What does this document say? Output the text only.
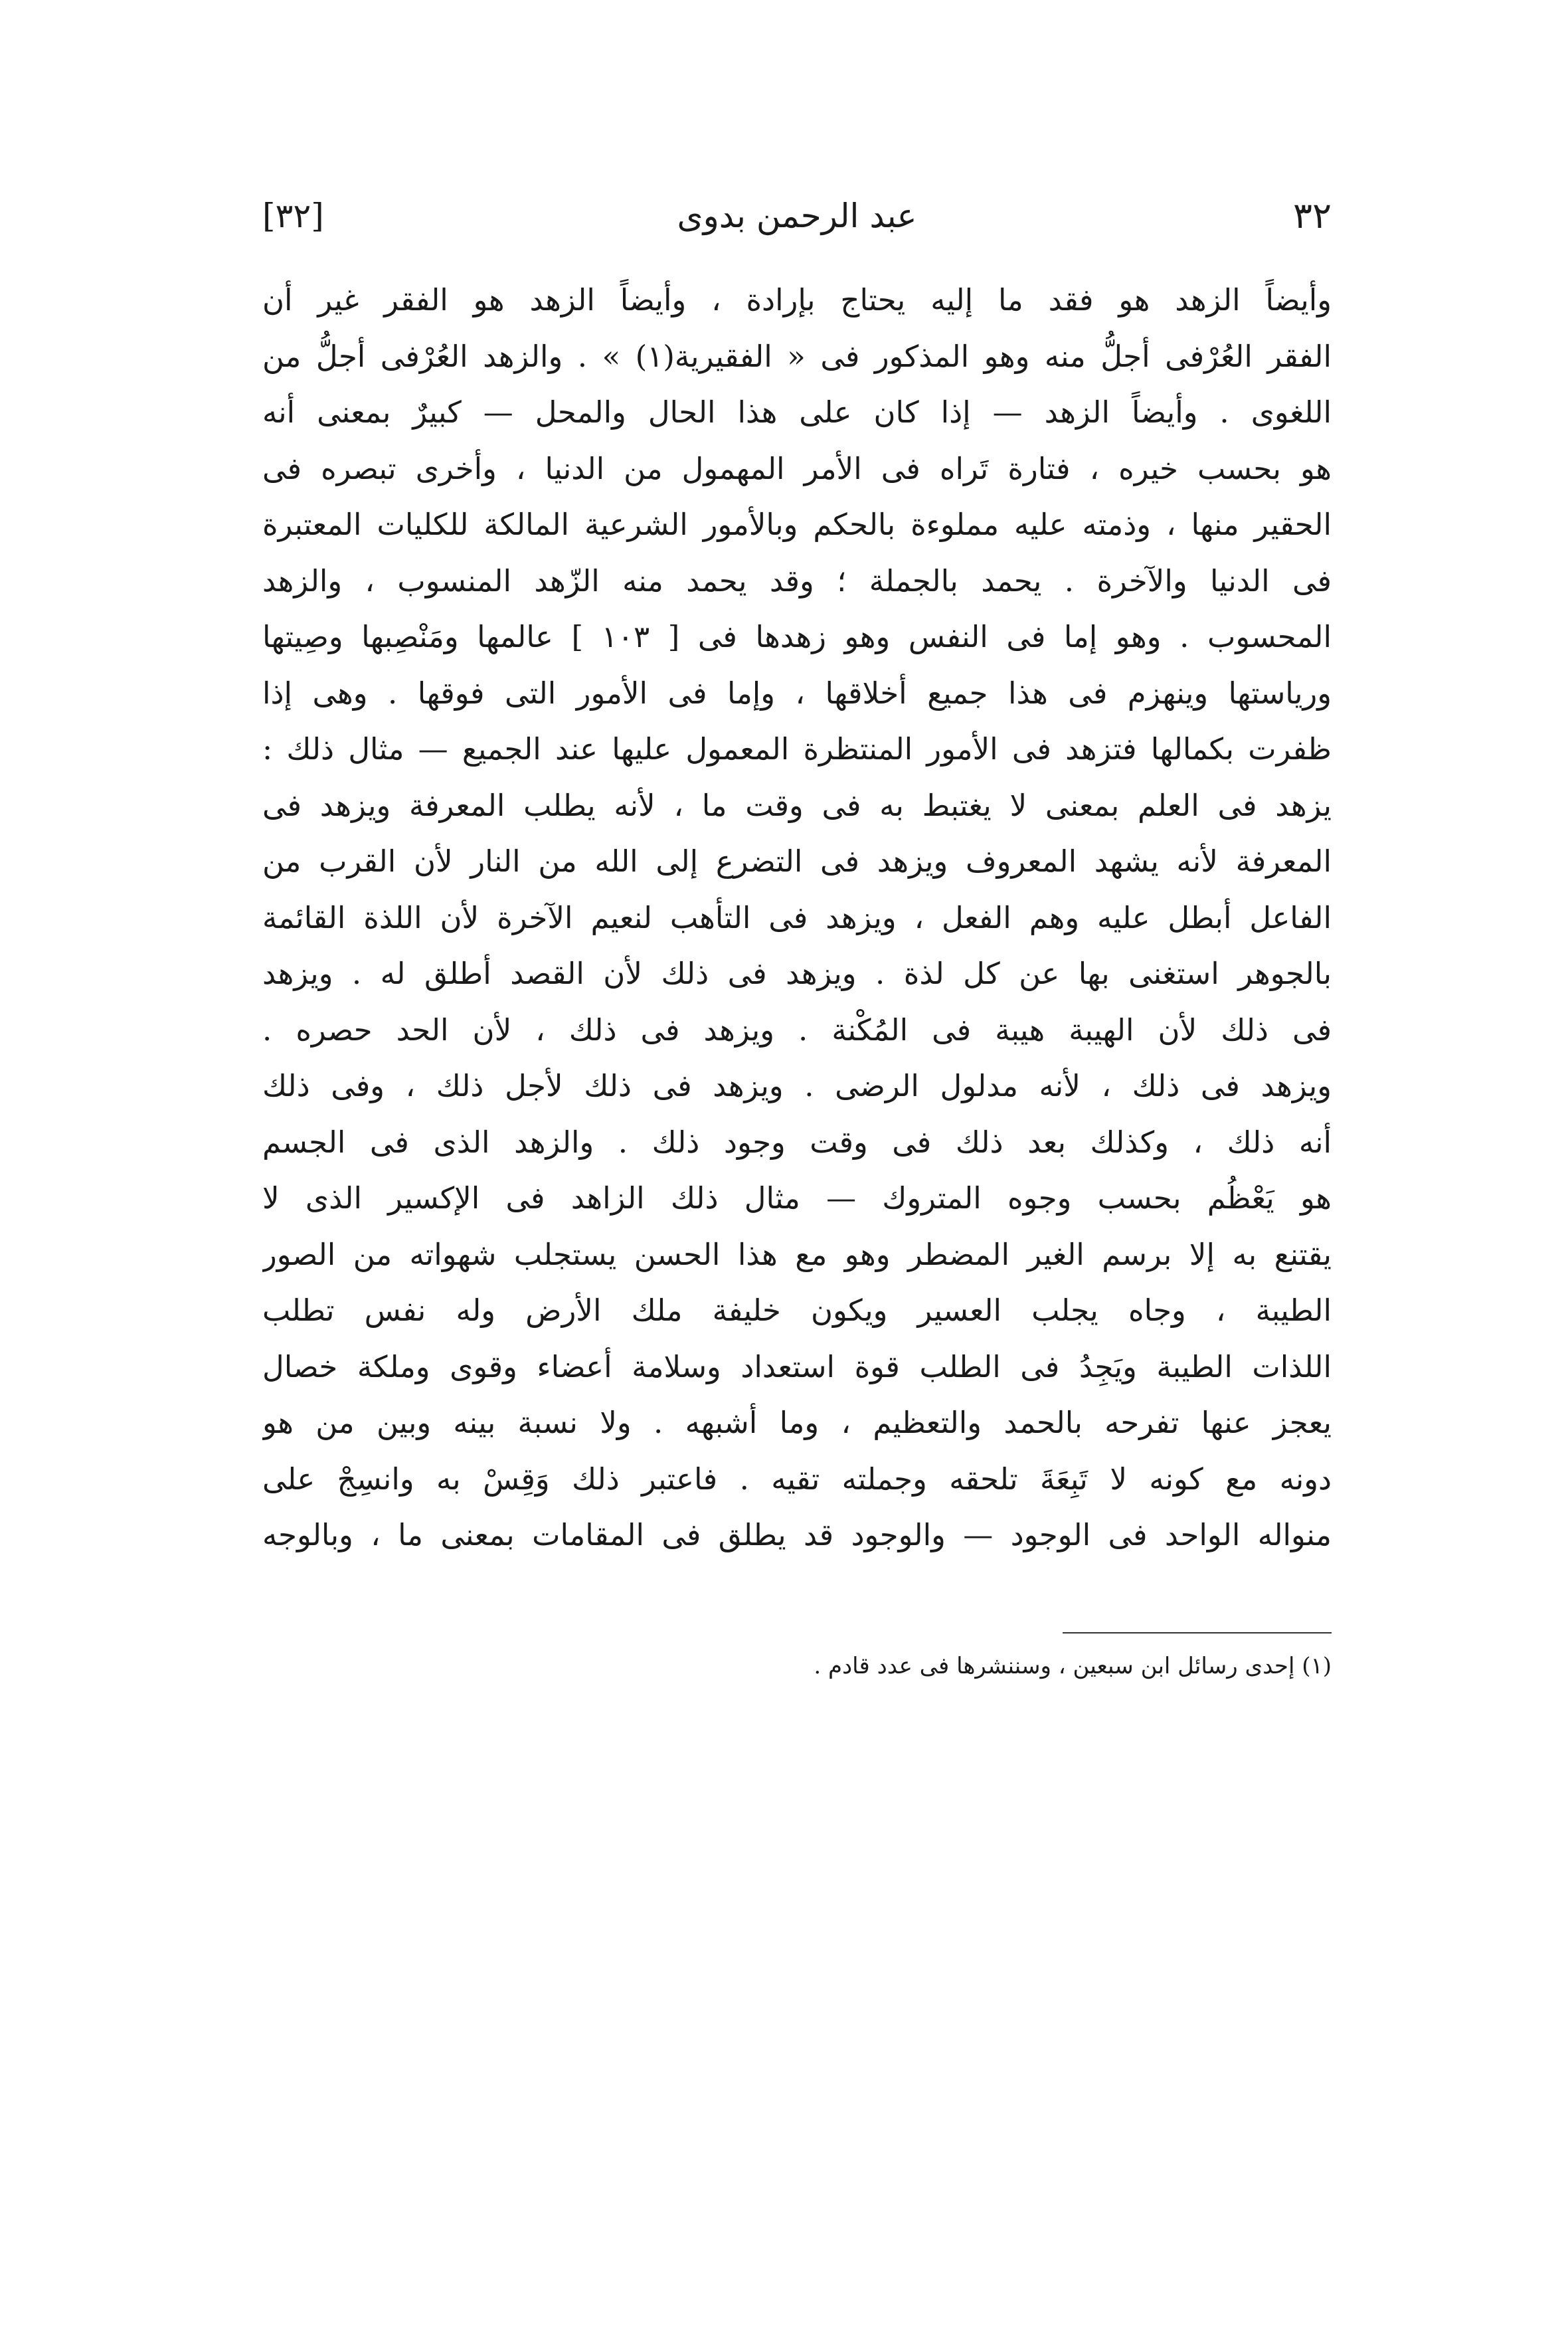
[٣٢]	عبد الرحمن بدوى	٣٢
وأيضاً الزهد هو فقد ما إليه يحتاج بإرادة ، وأيضاً الزهد هو الفقر غير أن
الفقر العُرْفى أجلُّ منه وهو المذكور فى « الفقيرية(١) » . والزهد العُرْفى أجلُّ من
اللغوى . وأيضاً الزهد — إذا كان على هذا الحال والمحل — كبيرٌ بمعنى أنه
هو بحسب خيره ، فتارة تَراه فى الأمر المهمول من الدنيا ، وأخرى تبصره فى
الحقير منها ، وذمته عليه مملوءة بالحكم وبالأمور الشرعية المالكة للكليات المعتبرة
فى الدنيا والآخرة . يحمد بالجملة ؛ وقد يحمد منه الزّهد المنسوب ، والزهد
المحسوب . وهو إما فى النفس وهو زهدها فى [ ١٠٣ ] عالمها ومَنْصِبها وصِيتها
ورياستها وينهزم فى هذا جميع أخلاقها ، وإما فى الأمور التى فوقها . وهى إذا
ظفرت بكمالها فتزهد فى الأمور المنتظرة المعمول عليها عند الجميع — مثال ذلك :
يزهد فى العلم بمعنى لا يغتبط به فى وقت ما ، لأنه يطلب المعرفة ويزهد فى
المعرفة لأنه يشهد المعروف ويزهد فى التضرع إلى الله من النار لأن القرب من
الفاعل أبطل عليه وهم الفعل ، ويزهد فى التأهب لنعيم الآخرة لأن اللذة القائمة
بالجوهر استغنى بها عن كل لذة . ويزهد فى ذلك لأن القصد أطلق له . ويزهد
فى ذلك لأن الهيبة هيبة فى المُكْنة . ويزهد فى ذلك ، لأن الحد حصره .
ويزهد فى ذلك ، لأنه مدلول الرضى . ويزهد فى ذلك لأجل ذلك ، وفى ذلك
أنه ذلك ، وكذلك بعد ذلك فى وقت وجود ذلك . والزهد الذى فى الجسم
هو يَعْظُم بحسب وجوه المتروك — مثال ذلك الزاهد فى الإكسير الذى لا
يقتنع به إلا برسم الغير المضطر وهو مع هذا الحسن يستجلب شهواته من الصور
الطيبة ، وجاه يجلب العسير ويكون خليفة ملك الأرض وله نفس تطلب
اللذات الطيبة ويَجِدُ فى الطلب قوة استعداد وسلامة أعضاء وقوى وملكة خصال
يعجز عنها تفرحه بالحمد والتعظيم ، وما أشبهه . ولا نسبة بينه وبين من هو
دونه مع كونه لا تَبِعَةَ تلحقه وجملته تقيه . فاعتبر ذلك وَقِسْ به وانسِجْ على
منواله الواحد فى الوجود — والوجود قد يطلق فى المقامات بمعنى ما ، وبالوجه
(١) إحدى رسائل ابن سبعين ، وسننشرها فى عدد قادم .
